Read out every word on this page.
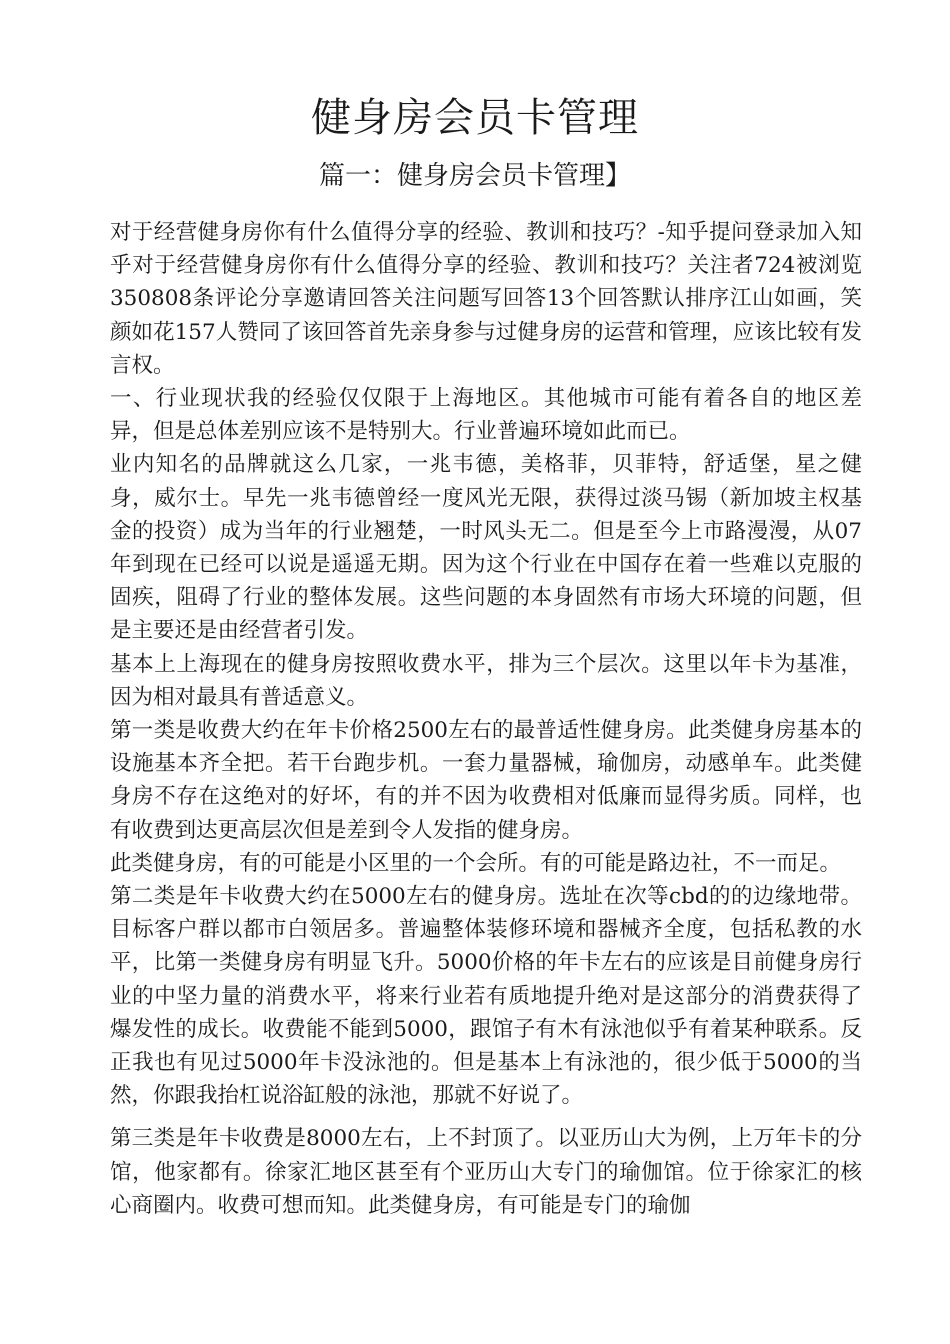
健身房会员卡管理
篇一：健身房会员卡管理】

对于经营健身房你有什么值得分享的经验、教训和技巧？-知乎提问登录加入知乎对于经营健身房你有什么值得分享的经验、教训和技巧？关注者724被浏览350808条评论分享邀请回答关注问题写回答13个回答默认排序江山如画，笑颜如花157人赞同了该回答首先亲身参与过健身房的运营和管理，应该比较有发言权。

一、行业现状我的经验仅仅限于上海地区。其他城市可能有着各自的地区差异，但是总体差别应该不是特别大。行业普遍环境如此而已。

业内知名的品牌就这么几家，一兆韦德，美格菲，贝菲特，舒适堡，星之健身，威尔士。早先一兆韦德曾经一度风光无限，获得过淡马锡（新加坡主权基金的投资）成为当年的行业翘楚，一时风头无二。但是至今上市路漫漫，从07年到现在已经可以说是遥遥无期。因为这个行业在中国存在着一些难以克服的固疾，阻碍了行业的整体发展。这些问题的本身固然有市场大环境的问题，但是主要还是由经营者引发。

基本上上海现在的健身房按照收费水平，排为三个层次。这里以年卡为基准，因为相对最具有普适意义。

第一类是收费大约在年卡价格2500左右的最普适性健身房。此类健身房基本的设施基本齐全把。若干台跑步机。一套力量器械，瑜伽房，动感单车。此类健身房不存在这绝对的好坏，有的并不因为收费相对低廉而显得劣质。同样，也有收费到达更高层次但是差到令人发指的健身房。

此类健身房，有的可能是小区里的一个会所。有的可能是路边社，不一而足。

第二类是年卡收费大约在5000左右的健身房。选址在次等cbd的的边缘地带。目标客户群以都市白领居多。普遍整体装修环境和器械齐全度，包括私教的水平，比第一类健身房有明显飞升。5000价格的年卡左右的应该是目前健身房行业的中坚力量的消费水平，将来行业若有质地提升绝对是这部分的消费获得了爆发性的成长。收费能不能到5000，跟馆子有木有泳池似乎有着某种联系。反正我也有见过5000年卡没泳池的。但是基本上有泳池的，很少低于5000的当然，你跟我抬杠说浴缸般的泳池，那就不好说了。

第三类是年卡收费是8000左右，上不封顶了。以亚历山大为例，上万年卡的分馆，他家都有。徐家汇地区甚至有个亚历山大专门的瑜伽馆。位于徐家汇的核心商圈内。收费可想而知。此类健身房，有可能是专门的瑜伽
